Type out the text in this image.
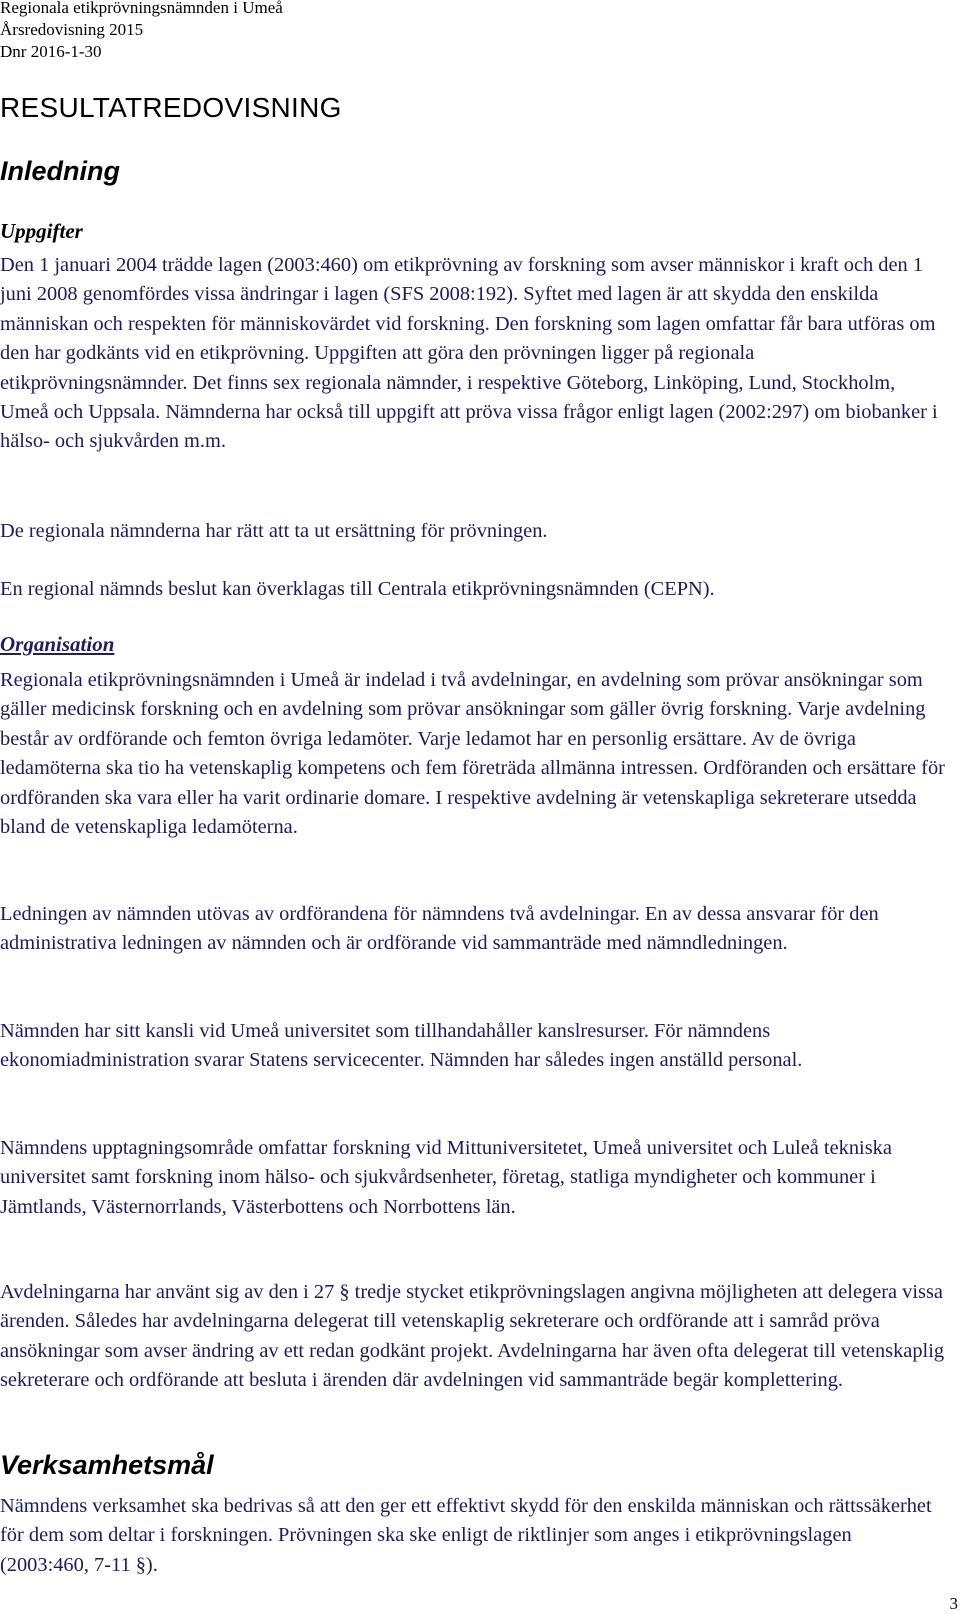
Regionala etikprövningsnämnden i Umeå
Årsredovisning 2015
Dnr 2016-1-30
RESULTATREDOVISNING
Inledning
Uppgifter

Den 1 januari 2004 trädde lagen (2003:460) om etikprövning av forskning som avser människor i kraft och den 1 juni 2008 genomfördes vissa ändringar i lagen (SFS 2008:192). Syftet med lagen är att skydda den enskilda människan och respekten för människovärdet vid forskning. Den forskning som lagen omfattar får bara utföras om den har godkänts vid en etikprövning. Uppgiften att göra den prövningen ligger på regionala etikprövningsnämnder. Det finns sex regionala nämnder, i respektive Göteborg, Linköping, Lund, Stockholm, Umeå och Uppsala. Nämnderna har också till uppgift att pröva vissa frågor enligt lagen (2002:297) om biobanker i hälso- och sjukvården m.m.

De regionala nämnderna har rätt att ta ut ersättning för prövningen.

En regional nämnds beslut kan överklagas till Centrala etikprövningsnämnden (CEPN).

Organisation

Regionala etikprövningsnämnden i Umeå är indelad i två avdelningar, en avdelning som prövar ansökningar som gäller medicinsk forskning och en avdelning som prövar ansökningar som gäller övrig forskning. Varje avdelning består av ordförande och femton övriga ledamöter. Varje ledamot har en personlig ersättare. Av de övriga ledamöterna ska tio ha vetenskaplig kompetens och fem företräda allmänna intressen. Ordföranden och ersättare för ordföranden ska vara eller ha varit ordinarie domare. I respektive avdelning är vetenskapliga sekreterare utsedda bland de vetenskapliga ledamöterna.

Ledningen av nämnden utövas av ordförandena för nämndens två avdelningar. En av dessa ansvarar för den administrativa ledningen av nämnden och är ordförande vid sammanträde med nämndledningen.

Nämnden har sitt kansli vid Umeå universitet som tillhandahåller kanslresurser. För nämndens ekonomiadministration svarar Statens servicecenter. Nämnden har således ingen anställd personal.

Nämndens upptagningsområde omfattar forskning vid Mittuniversitetet, Umeå universitet och Luleå tekniska universitet samt forskning inom hälso- och sjukvårdsenheter, företag, statliga myndigheter och kommuner i Jämtlands, Västernorrlands, Västerbottens och Norrbottens län.

Avdelningarna har använt sig av den i 27 § tredje stycket etikprövningslagen angivna möjligheten att delegera vissa ärenden. Således har avdelningarna delegerat till vetenskaplig sekreterare och ordförande att i samråd pröva ansökningar som avser ändring av ett redan godkänt projekt. Avdelningarna har även ofta delegerat till vetenskaplig sekreterare och ordförande att besluta i ärenden där avdelningen vid sammanträde begär komplettering.

Verksamhetsmål

Nämndens verksamhet ska bedrivas så att den ger ett effektivt skydd för den enskilda människan och rättssäkerhet för dem som deltar i forskningen. Prövningen ska ske enligt de riktlinjer som anges i etikprövningslagen (2003:460, 7-11 §).

3
